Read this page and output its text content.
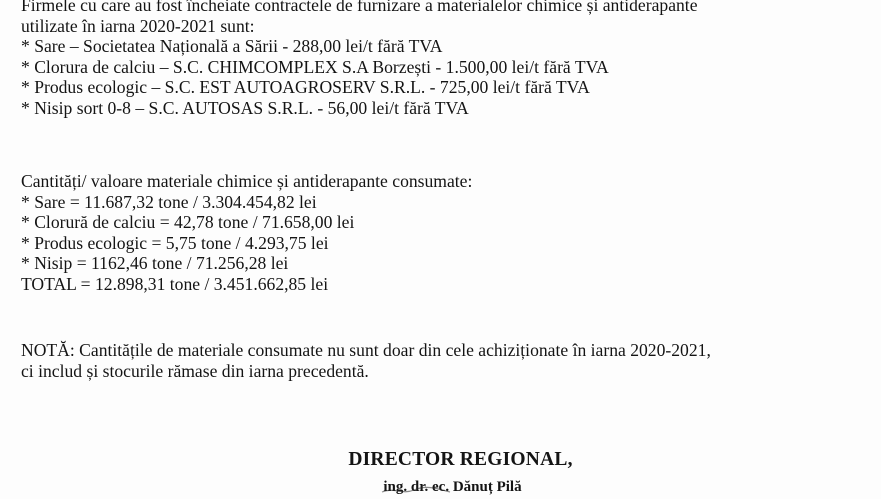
Firmele cu care au fost încheiate contractele de furnizare a materialelor chimice și antiderapante
utilizate în iarna 2020-2021 sunt:
* Sare – Societatea Națională a Sării - 288,00 lei/t fără TVA
* Clorura de calciu – S.C. CHIMCOMPLEX S.A Borzești - 1.500,00 lei/t fără TVA
* Produs ecologic – S.C. EST AUTOAGROSERV S.R.L. - 725,00 lei/t fără TVA
* Nisip sort 0-8 – S.C. AUTOSAS S.R.L. - 56,00 lei/t fără TVA
Cantități/ valoare materiale chimice și antiderapante consumate:
* Sare = 11.687,32 tone / 3.304.454,82 lei
* Clorură de calciu = 42,78 tone / 71.658,00 lei
* Produs ecologic = 5,75 tone / 4.293,75 lei
* Nisip = 1162,46 tone / 71.256,28 lei
TOTAL = 12.898,31 tone / 3.451.662,85 lei
NOTĂ: Cantitățile de materiale consumate nu sunt doar din cele achiziționate în iarna 2020-2021,
ci includ și stocurile rămase din iarna precedentă.
DIRECTOR REGIONAL,
ing. dr. ec. Dănuț Pilă
